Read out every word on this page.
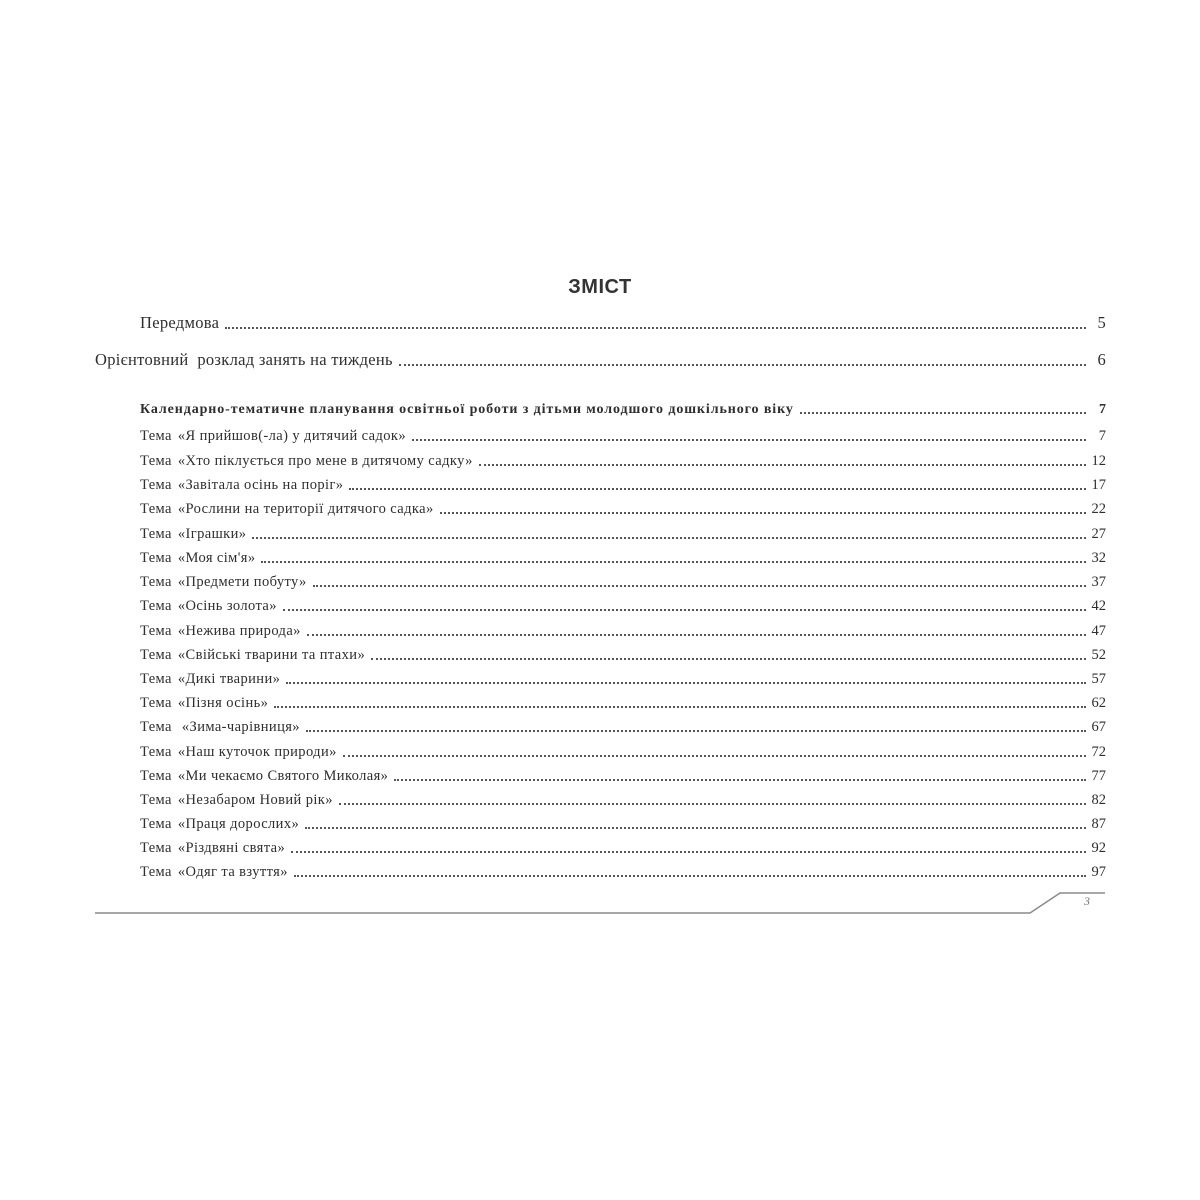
ЗМІСТ
Передмова	5
Орієнтовний  розклад занять на тиждень	6
Календарно-тематичне планування освітньої роботи з дітьми молодшого дошкільного віку	7
Тема «Я прийшов(-ла) у дитячий садок»	7
Тема «Хто піклується про мене в дитячому садку»	12
Тема «Завітала осінь на поріг»	17
Тема «Рослини на території дитячого садка»	22
Тема «Іграшки»	27
Тема «Моя сім'я»	32
Тема «Предмети побуту»	37
Тема «Осінь золота»	42
Тема «Нежива природа»	47
Тема «Свійські тварини та птахи»	52
Тема «Дикі тварини»	57
Тема «Пізня осінь»	62
Тема «Зима-чарівниця»	67
Тема «Наш куточок природи»	72
Тема «Ми чекаємо Святого Миколая»	77
Тема «Незабаром Новий рік»	82
Тема «Праця дорослих»	87
Тема «Різдвяні свята»	92
Тема «Одяг та взуття»	97
3
